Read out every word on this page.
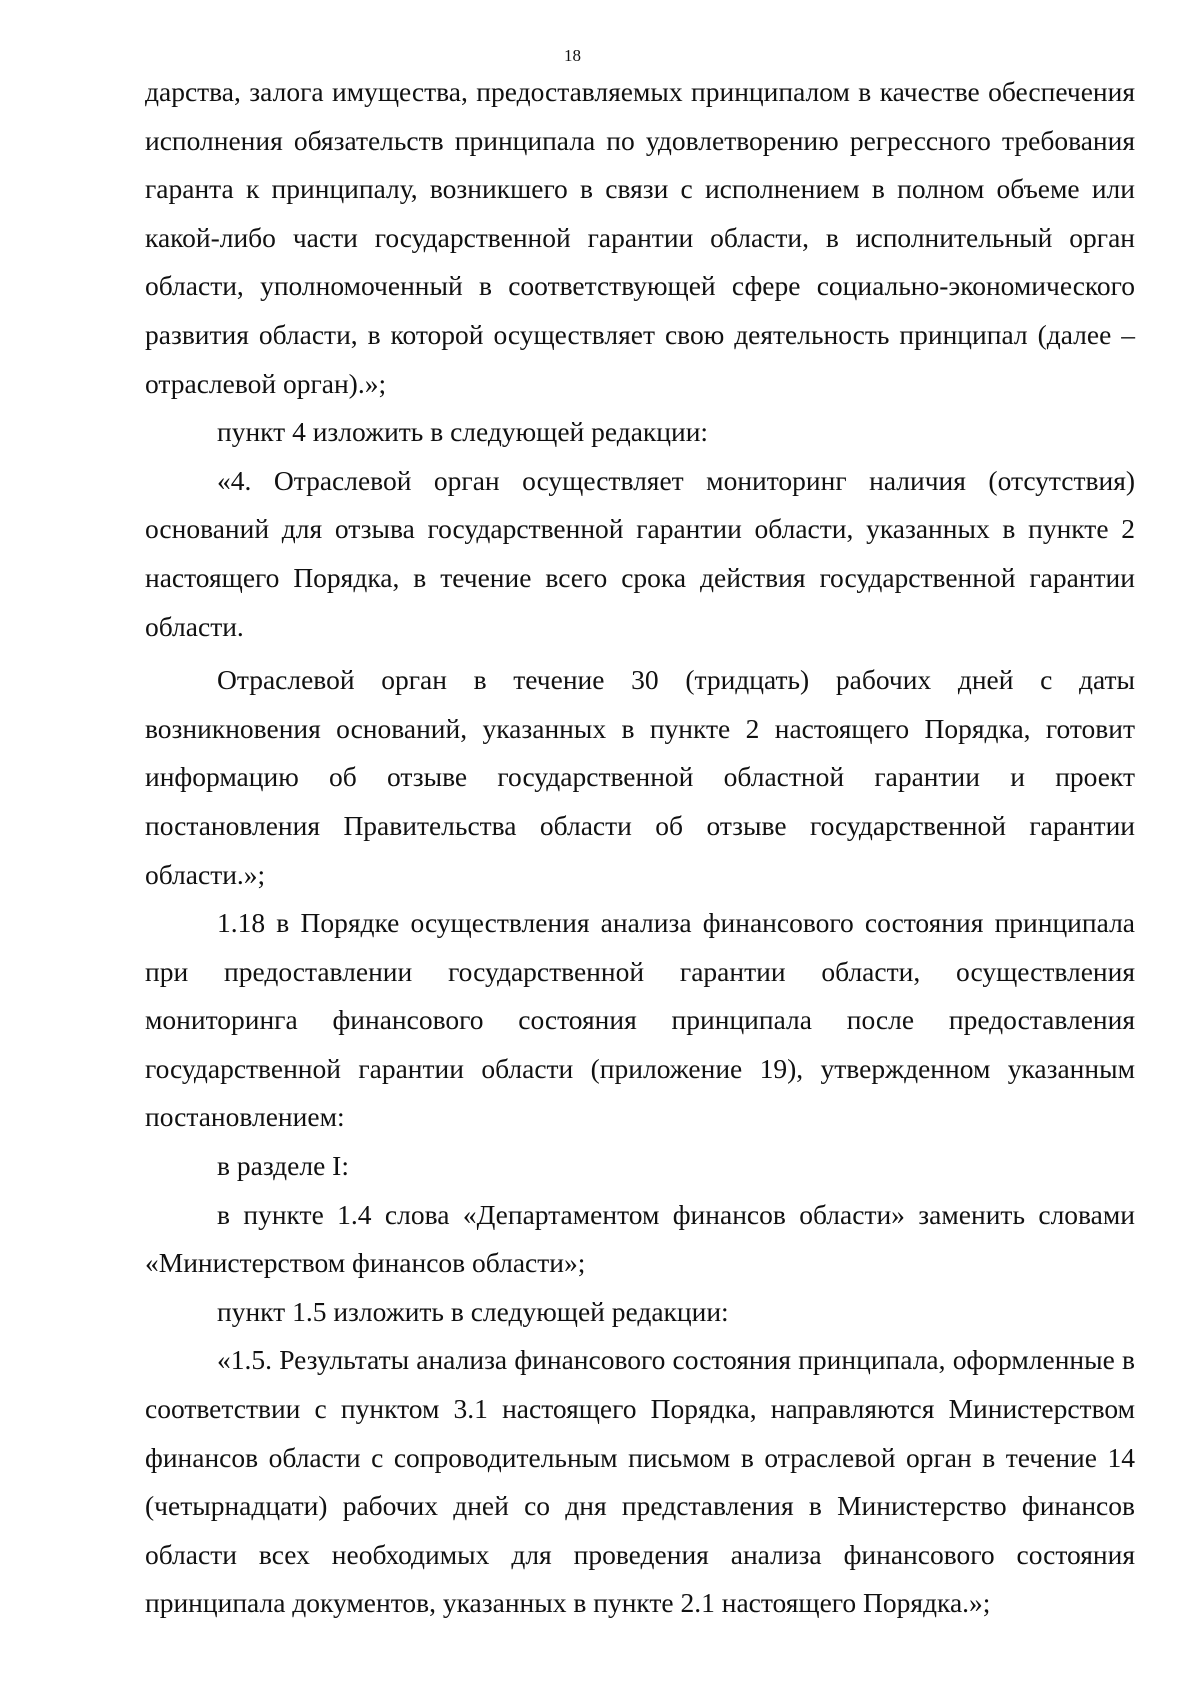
18

дарства, залога имущества, предоставляемых принципалом в качестве обеспечения исполнения обязательств принципала по удовлетворению регрессного требования гаранта к принципалу, возникшего в связи с исполнением в полном объеме или какой-либо части государственной гарантии области, в исполнительный орган области, уполномоченный в соответствующей сфере социально-экономического развития области, в которой осуществляет свою деятельность принципал (далее – отраслевой орган).»;

пункт 4 изложить в следующей редакции:

«4. Отраслевой орган осуществляет мониторинг наличия (отсутствия) оснований для отзыва государственной гарантии области, указанных в пункте 2 настоящего Порядка, в течение всего срока действия государственной гарантии области.

Отраслевой орган в течение 30 (тридцать) рабочих дней с даты возникновения оснований, указанных в пункте 2 настоящего Порядка, готовит информацию об отзыве государственной областной гарантии и проект постановления Правительства области об отзыве государственной гарантии области.»;

1.18 в Порядке осуществления анализа финансового состояния принципала при предоставлении государственной гарантии области, осуществления мониторинга финансового состояния принципала после предоставления государственной гарантии области (приложение 19), утвержденном указанным постановлением:

в разделе I:

в пункте 1.4 слова «Департаментом финансов области» заменить словами «Министерством финансов области»;

пункт 1.5 изложить в следующей редакции:

«1.5. Результаты анализа финансового состояния принципала, оформленные в соответствии с пунктом 3.1 настоящего Порядка, направляются Министерством финансов области с сопроводительным письмом в отраслевой орган в течение 14 (четырнадцати) рабочих дней со дня представления в Министерство финансов области всех необходимых для проведения анализа финансового состояния принципала документов, указанных в пункте 2.1 настоящего Порядка.»;
